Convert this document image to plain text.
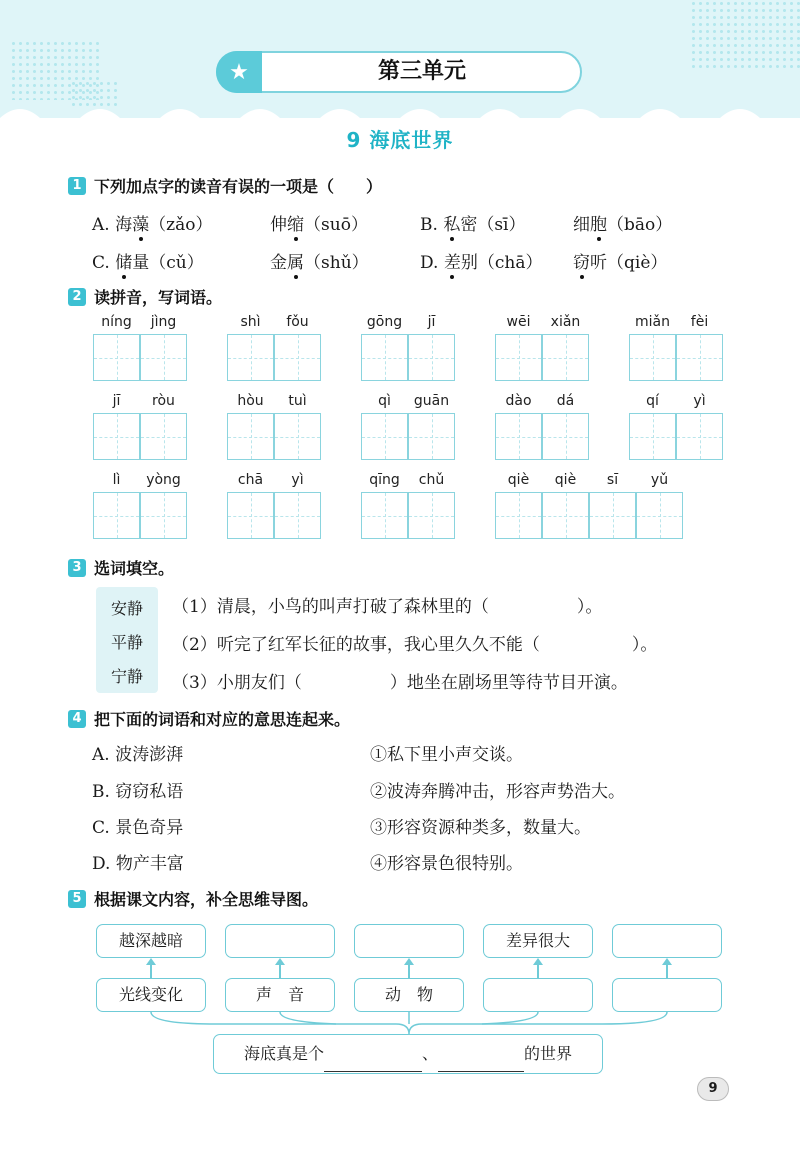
★	第三单元
9 海底世界
1 下列加点字的读音有误的一项是（　　）
A. 海藻（zǎo）	伸缩（suō）	B. 私密（sī）	细胞（bāo）
C. 储量（cǔ）	金属（shǔ）	D. 差别（chā） 窃听（qiè）
2 读拼音，写词语。
níng	jìng	shì	fǒu	gōng	jī	wēi	xiǎn	miǎn	fèi
jī	ròu	hòu	tuì	qì	guān	dào	dá	qí	yì
lì	yòng	chā	yì	qīng	chǔ	qiè	qiè	sī	yǔ
3 选词填空。
安静
平静
宁静
（1）清晨，小鸟的叫声打破了森林里的（	）。
（2）听完了红军长征的故事，我心里久久不能（	）。
（3）小朋友们（	）地坐在剧场里等待节目开演。
4 把下面的词语和对应的意思连起来。
A. 波涛澎湃
B. 窃窃私语
C. 景色奇异
D. 物产丰富
①私下里小声交谈。
②波涛奔腾冲击，形容声势浩大。
③形容资源种类多，数量大。
④形容景色很特别。
5 根据课文内容，补全思维导图。
越深越暗	差异很大
光线变化	声　音	动　物
海底真是个	、	的世界
9
